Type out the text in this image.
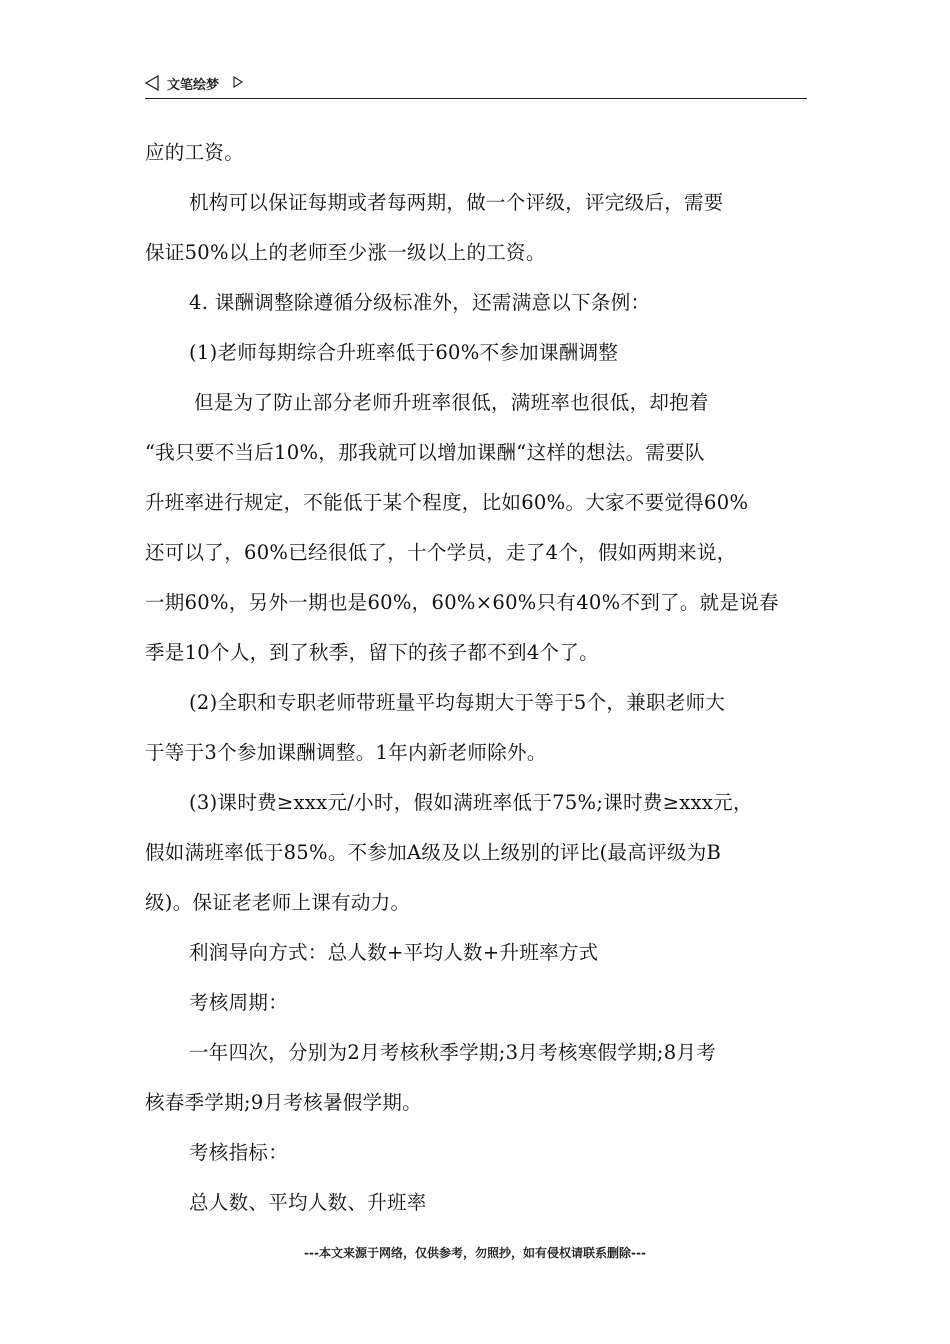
文笔绘梦

应的工资。

机构可以保证每期或者每两期，做一个评级，评完级后，需要

保证50%以上的老师至少涨一级以上的工资。

4. 课酬调整除遵循分级标准外，还需满意以下条例：

(1)老师每期综合升班率低于60%不参加课酬调整

但是为了防止部分老师升班率很低，满班率也很低，却抱着

“我只要不当后10%，那我就可以增加课酬“这样的想法。需要队

升班率进行规定，不能低于某个程度，比如60%。大家不要觉得60%

还可以了，60%已经很低了，十个学员，走了4个，假如两期来说，

一期60%，另外一期也是60%，60%×60%只有40%不到了。就是说春

季是10个人，到了秋季，留下的孩子都不到4个了。

(2)全职和专职老师带班量平均每期大于等于5个，兼职老师大

于等于3个参加课酬调整。1年内新老师除外。

(3)课时费≥xxx元/小时，假如满班率低于75%;课时费≥xxx元，

假如满班率低于85%。不参加A级及以上级别的评比(最高评级为B

级)。保证老老师上课有动力。

利润导向方式：总人数+平均人数+升班率方式

考核周期：

一年四次，分别为2月考核秋季学期;3月考核寒假学期;8月考

核春季学期;9月考核暑假学期。

考核指标：

总人数、平均人数、升班率

---本文来源于网络，仅供参考，勿照抄，如有侵权请联系删除---
